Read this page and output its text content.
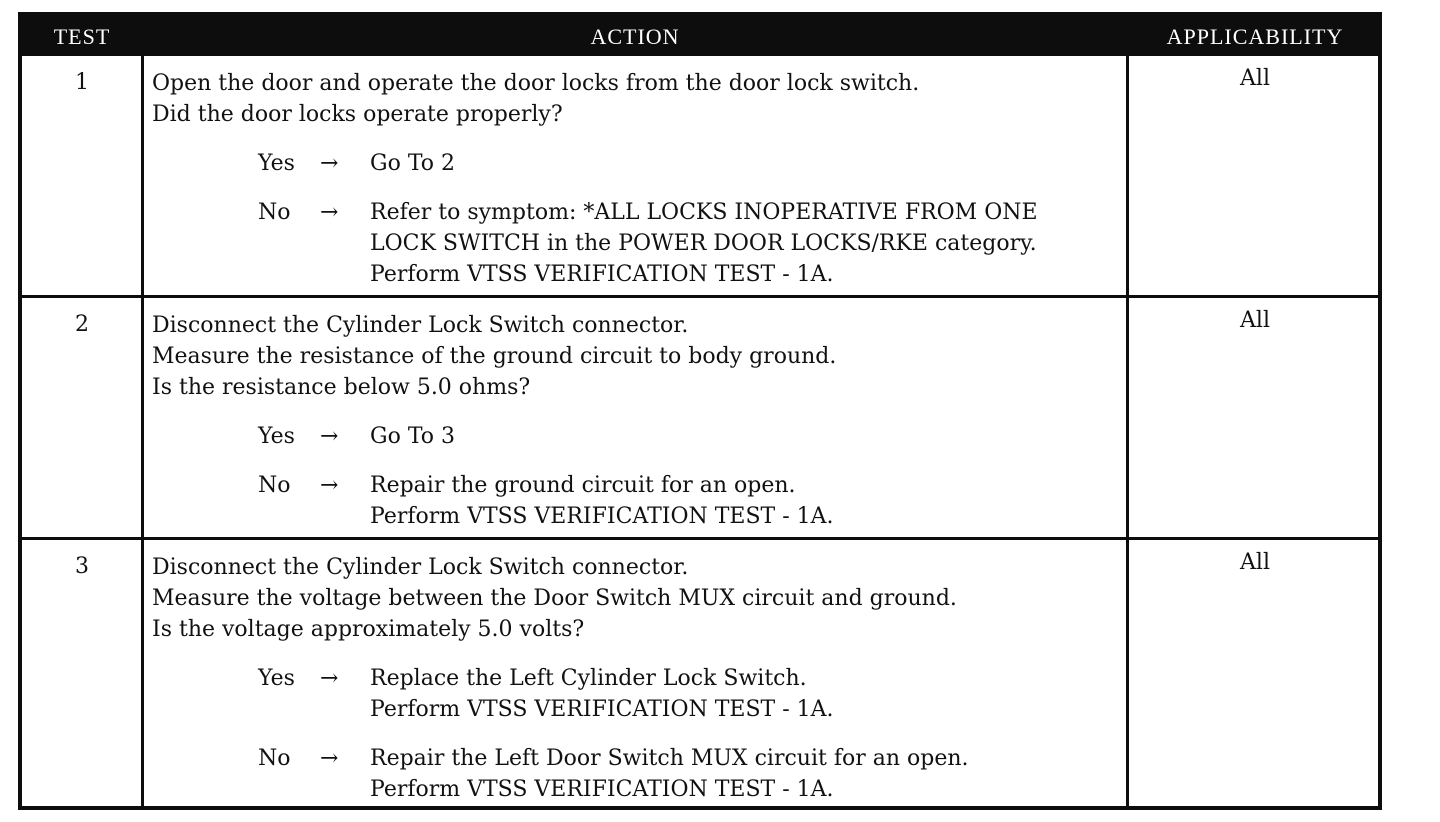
TEST	ACTION	APPLICABILITY
1	Open the door and operate the door locks from the door lock switch.
Did the door locks operate properly?
Yes → Go To 2
No → Refer to symptom: *ALL LOCKS INOPERATIVE FROM ONE
LOCK SWITCH in the POWER DOOR LOCKS/RKE category.
Perform VTSS VERIFICATION TEST - 1A.
All
2	Disconnect the Cylinder Lock Switch connector.
Measure the resistance of the ground circuit to body ground.
Is the resistance below 5.0 ohms?
Yes → Go To 3
No → Repair the ground circuit for an open.
Perform VTSS VERIFICATION TEST - 1A.
All
3	Disconnect the Cylinder Lock Switch connector.
Measure the voltage between the Door Switch MUX circuit and ground.
Is the voltage approximately 5.0 volts?
Yes → Replace the Left Cylinder Lock Switch.
Perform VTSS VERIFICATION TEST - 1A.
No → Repair the Left Door Switch MUX circuit for an open.
Perform VTSS VERIFICATION TEST - 1A.
All
